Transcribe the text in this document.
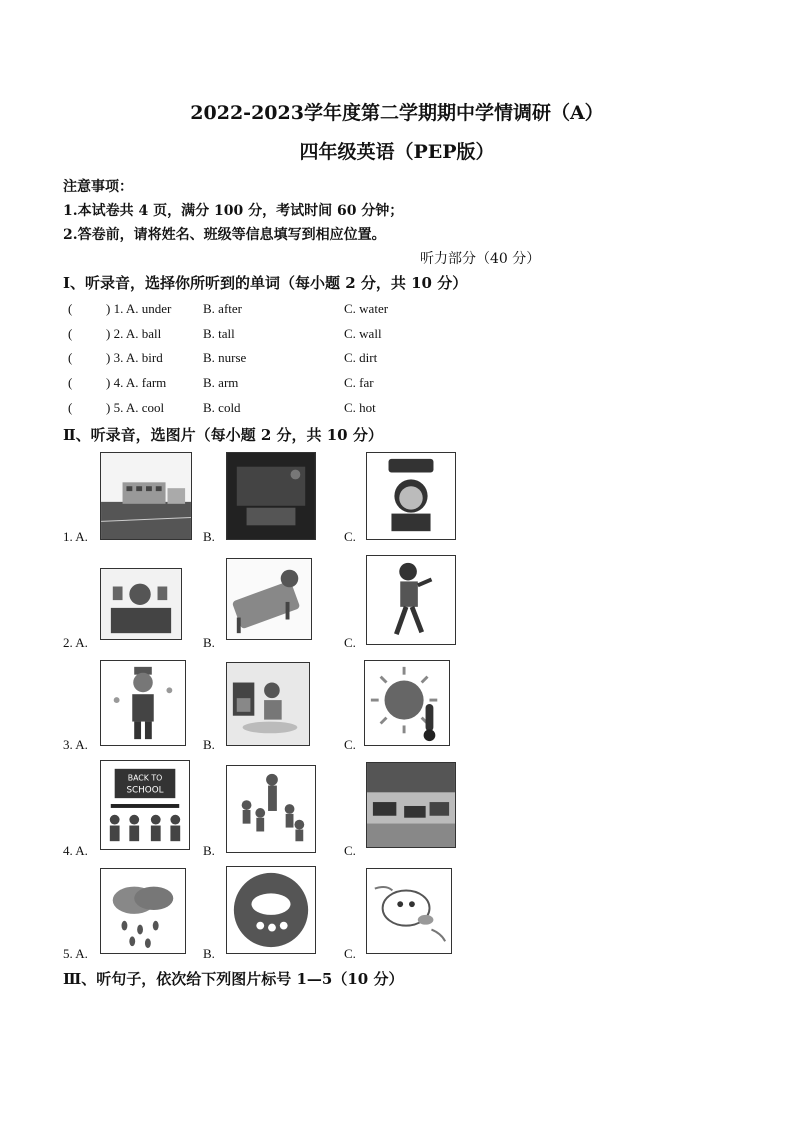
2022-2023学年度第二学期期中学情调研（A）
四年级英语（PEP版）
注意事项：
1.本试卷共 4 页，满分 100 分，考试时间 60 分钟；
2.答卷前，请将姓名、班级等信息填写到相应位置。
听力部分（40 分）
Ⅰ、听录音，选择你所听到的单词（每小题 2 分，共 10 分）
(	) 1. A. under B. after	C. water
(	) 2. A. ball	B. tall	C. wall
(	) 3. A. bird	B. nurse	C. dirt
(	) 4. A. farm	B. arm	C. far
(	) 5. A. cool	B. cold	C. hot
Ⅱ、听录音，选图片（每小题 2 分，共 10 分）
1. A.	B.	C.
2. A.	B.	C.
3. A.	B.	C.
BACK TO
SCHOOL
4. A.	B.	C.
5. A.	B.	C.
Ⅲ、听句子，依次给下列图片标号 1—5（10 分）
